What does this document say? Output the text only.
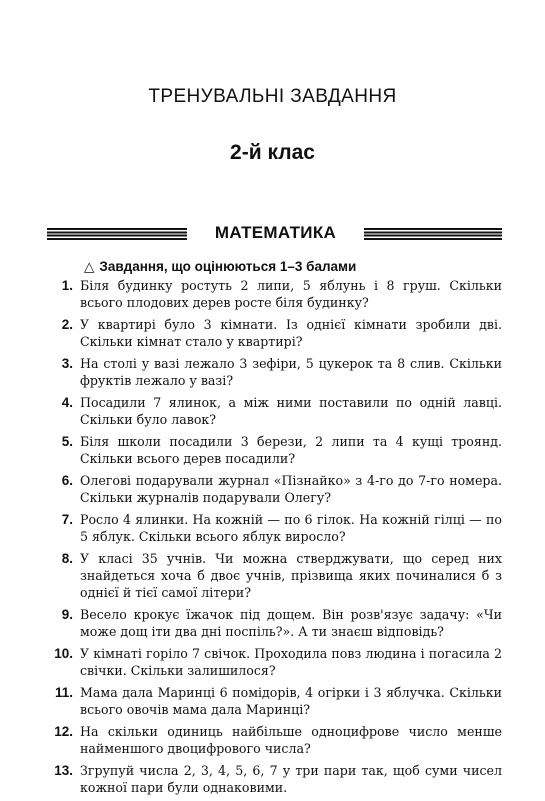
ТРЕНУВАЛЬНІ ЗАВДАННЯ
2-й клас
МАТЕМАТИКА
△ Завдання, що оцінюються 1–3 балами
1. Біля будинку ростуть 2 липи, 5 яблунь і 8 груш. Скільки всього плодових дерев росте біля будинку?
2. У квартирі було 3 кімнати. Із однієї кімнати зробили дві. Скільки кімнат стало у квартирі?
3. На столі у вазі лежало 3 зефіри, 5 цукерок та 8 слив. Скільки фруктів лежало у вазі?
4. Посадили 7 ялинок, а між ними поставили по одній лавці. Скільки було лавок?
5. Біля школи посадили 3 берези, 2 липи та 4 кущі троянд. Скільки всього дерев посадили?
6. Олегові подарували журнал «Пізнайко» з 4-го до 7-го номера. Скільки журналів подарували Олегу?
7. Росло 4 ялинки. На кожній — по 6 гілок. На кожній гілці — по 5 яблук. Скільки всього яблук виросло?
8. У класі 35 учнів. Чи можна стверджувати, що серед них знайдеться хоча б двоє учнів, прізвища яких починалися б з однієї й тієї самої літери?
9. Весело крокує їжачок під дощем. Він розв'язує задачу: «Чи може дощ іти два дні поспіль?». А ти знаєш відповідь?
10. У кімнаті горіло 7 свічок. Проходила повз людина і погасила 2 свічки. Скільки залишилося?
11. Мама дала Маринці 6 помідорів, 4 огірки і 3 яблучка. Скільки всього овочів мама дала Маринці?
12. На скільки одиниць найбільше одноцифрове число менше найменшого двоцифрового числа?
13. Згрупуй числа 2, 3, 4, 5, 6, 7 у три пари так, щоб суми чисел кожної пари були однаковими.
